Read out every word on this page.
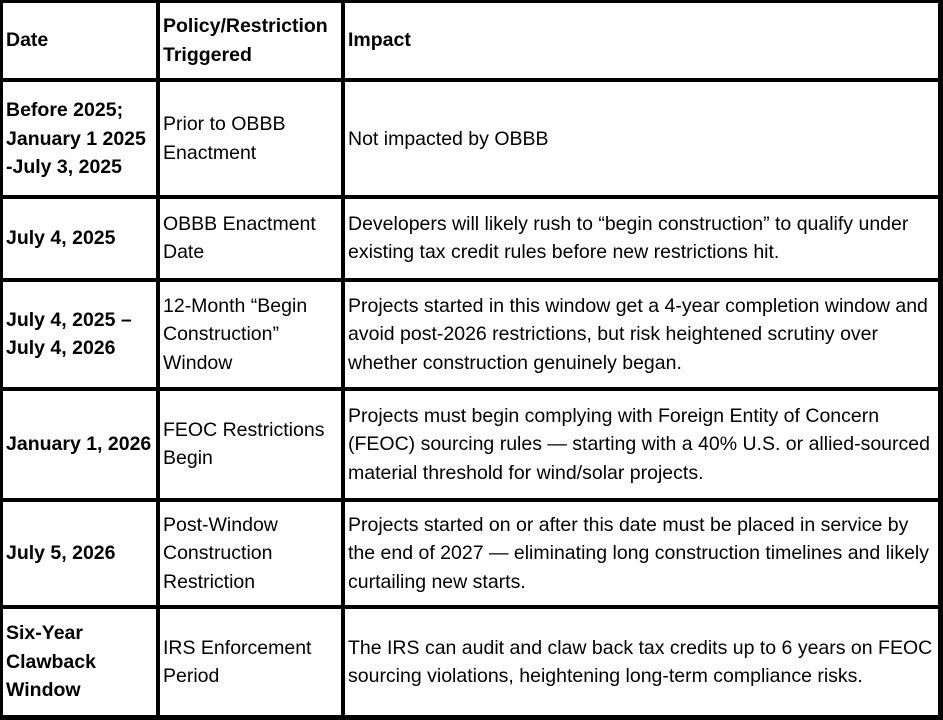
Date	Policy/Restriction Triggered	Impact
Before 2025; January 1 2025 -July 3, 2025	Prior to OBBB Enactment	Not impacted by OBBB
July 4, 2025	OBBB Enactment Date	Developers will likely rush to “begin construction” to qualify under existing tax credit rules before new restrictions hit.
July 4, 2025 – July 4, 2026	12-Month “Begin Construction” Window	Projects started in this window get a 4-year completion window and avoid post-2026 restrictions, but risk heightened scrutiny over whether construction genuinely began.
January 1, 2026	FEOC Restrictions Begin	Projects must begin complying with Foreign Entity of Concern (FEOC) sourcing rules — starting with a 40% U.S. or allied-sourced material threshold for wind/solar projects.
July 5, 2026	Post-Window Construction Restriction	Projects started on or after this date must be placed in service by the end of 2027 — eliminating long construction timelines and likely curtailing new starts.
Six-Year Clawback Window	IRS Enforcement Period	The IRS can audit and claw back tax credits up to 6 years on FEOC sourcing violations, heightening long-term compliance risks.
